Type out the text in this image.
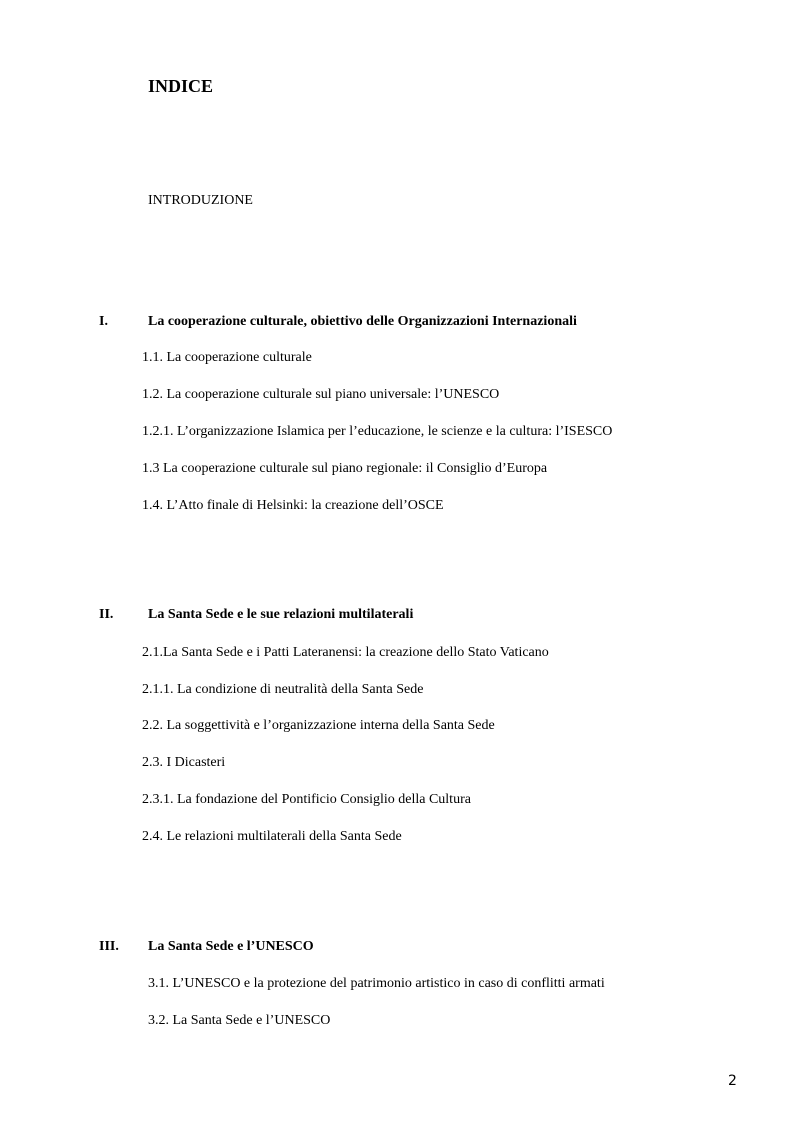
INDICE
INTRODUZIONE
I.	La cooperazione culturale, obiettivo delle Organizzazioni Internazionali
1.1. La cooperazione culturale
1.2. La cooperazione culturale sul piano universale: l’UNESCO
1.2.1. L’organizzazione Islamica per l’educazione, le scienze e la cultura: l’ISESCO
1.3 La cooperazione culturale sul piano regionale: il Consiglio d’Europa
1.4. L’Atto finale di Helsinki: la creazione dell’OSCE
II. La Santa Sede e le sue relazioni multilaterali
2.1.La Santa Sede e i Patti Lateranensi: la creazione dello Stato Vaticano
2.1.1. La condizione di neutralità della Santa Sede
2.2. La soggettività e l’organizzazione interna della Santa Sede
2.3. I Dicasteri
2.3.1. La fondazione del Pontificio Consiglio della Cultura
2.4. Le relazioni multilaterali della Santa Sede
III. La Santa Sede e l’UNESCO
3.1. L’UNESCO e la protezione del patrimonio artistico in caso di conflitti armati
3.2. La Santa Sede e l’UNESCO
2
